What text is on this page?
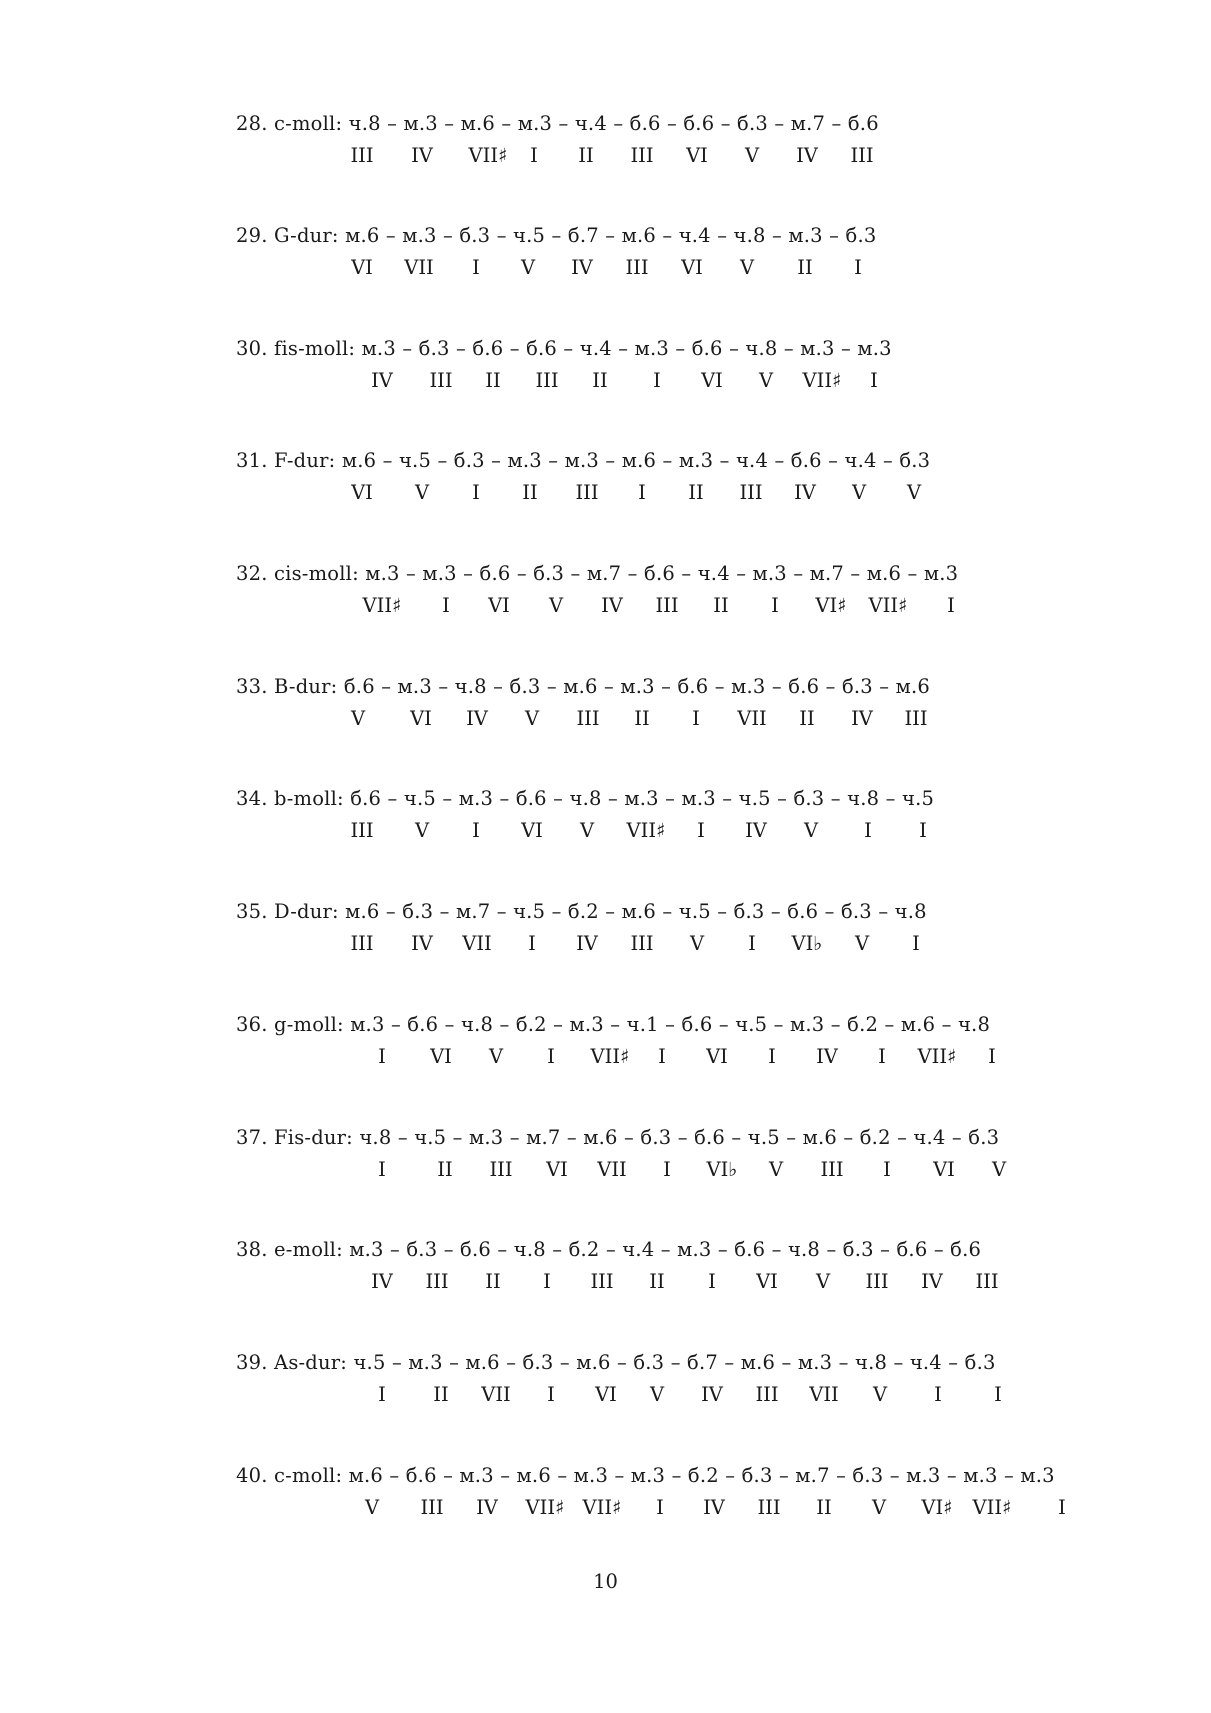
28. c-moll: ч.8 – м.3 – м.6 – м.3 – ч.4 – б.6 – б.6 – б.3 – м.7 – б.6
III IV VII♯ I II III VI V IV III
29. G-dur: м.6 – м.3 – б.3 – ч.5 – б.7 – м.6 – ч.4 – ч.8 – м.3 – б.3
VI VII I V IV III VI V II I
30. fis-moll: м.3 – б.3 – б.6 – б.6 – ч.4 – м.3 – б.6 – ч.8 – м.3 – м.3
IV III II III II I VI V VII♯ I
31. F-dur: м.6 – ч.5 – б.3 – м.3 – м.3 – м.6 – м.3 – ч.4 – б.6 – ч.4 – б.3
VI V I II III I II III IV V V
32. cis-moll: м.3 – м.3 – б.6 – б.3 – м.7 – б.6 – ч.4 – м.3 – м.7 – м.6 – м.3
VII♯ I VI V IV III II I VI♯ VII♯ I
33. B-dur: б.6 – м.3 – ч.8 – б.3 – м.6 – м.3 – б.6 – м.3 – б.6 – б.3 – м.6
V VI IV V III II I VII II IV III
34. b-moll: б.6 – ч.5 – м.3 – б.6 – ч.8 – м.3 – м.3 – ч.5 – б.3 – ч.8 – ч.5
III V I VI V VII♯ I IV V I I
35. D-dur: м.6 – б.3 – м.7 – ч.5 – б.2 – м.6 – ч.5 – б.3 – б.6 – б.3 – ч.8
III IV VII I IV III V I VI♭ V I
36. g-moll: м.3 – б.6 – ч.8 – б.2 – м.3 – ч.1 – б.6 – ч.5 – м.3 – б.2 – м.6 – ч.8
I VI V I VII♯ I VI I IV I VII♯ I
37. Fis-dur: ч.8 – ч.5 – м.3 – м.7 – м.6 – б.3 – б.6 – ч.5 – м.6 – б.2 – ч.4 – б.3
I	II III VI VII I VI♭ V III I VI V
38. e-moll: м.3 – б.3 – б.6 – ч.8 – б.2 – ч.4 – м.3 – б.6 – ч.8 – б.3 – б.6 – б.6
IV III II I III II I VI V III IV III
39. As-dur: ч.5 – м.3 – м.6 – б.3 – м.6 – б.3 – б.7 – м.6 – м.3 – ч.8 – ч.4 – б.3
I II VII I VI V IV III VII V I	I
40. c-moll: м.6 – б.6 – м.3 – м.6 – м.3 – м.3 – б.2 – б.3 – м.7 – б.3 – м.3 – м.3 – м.3
V III IV VII♯ VII♯ I IV III II V VI♯ VII♯ I
10
